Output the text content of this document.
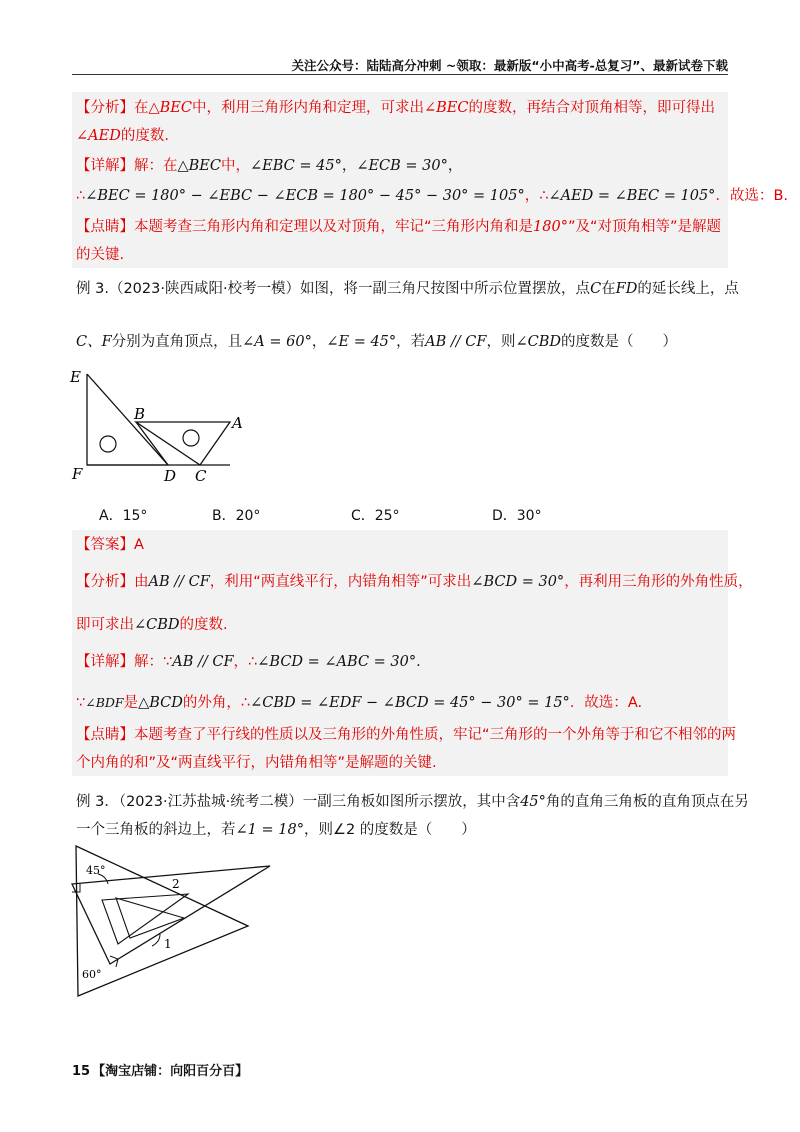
关注公众号：陆陆高分冲刺 ~领取：最新版“小中高考-总复习”、最新试卷下载
【分析】在△BEC中，利用三角形内角和定理，可求出∠BEC的度数，再结合对顶角相等，即可得出
∠AED的度数.
【详解】解：在△BEC中，∠EBC = 45°，∠ECB = 30°，
∴∠BEC = 180° − ∠EBC − ∠ECB = 180° − 45° − 30° = 105°，∴∠AED = ∠BEC = 105°．故选：B.
【点睛】本题考查三角形内角和定理以及对顶角，牢记“三角形内角和是180°”及“对顶角相等”是解题
的关键.
例 3.（2023·陕西咸阳·校考一模）如图，将一副三角尺按图中所示位置摆放，点C在FD的延长线上，点
C、F分别为直角顶点，且∠A = 60°，∠E = 45°，若AB // CF，则∠CBD的度数是（　　）
E
B	A
F	D C
A．15°	B．20°	C．25°	D．30°
【答案】A
【分析】由AB // CF，利用“两直线平行，内错角相等”可求出∠BCD = 30°，再利用三角形的外角性质，
即可求出∠CBD的度数.
【详解】解：∵AB // CF，∴∠BCD = ∠ABC = 30°.
∵∠BDF是△BCD的外角，∴∠CBD = ∠EDF − ∠BCD = 45° − 30° = 15°．故选：A.
【点睛】本题考查了平行线的性质以及三角形的外角性质，牢记“三角形的一个外角等于和它不相邻的两
个内角的和”及“两直线平行，内错角相等”是解题的关键.
例 3．（2023·江苏盐城·统考二模）一副三角板如图所示摆放，其中含45°角的直角三角板的直角顶点在另
一个三角板的斜边上，若∠1 = 18°，则∠2 的度数是（　　）
45°
2
1
60°
15 【淘宝店铺：向阳百分百】
